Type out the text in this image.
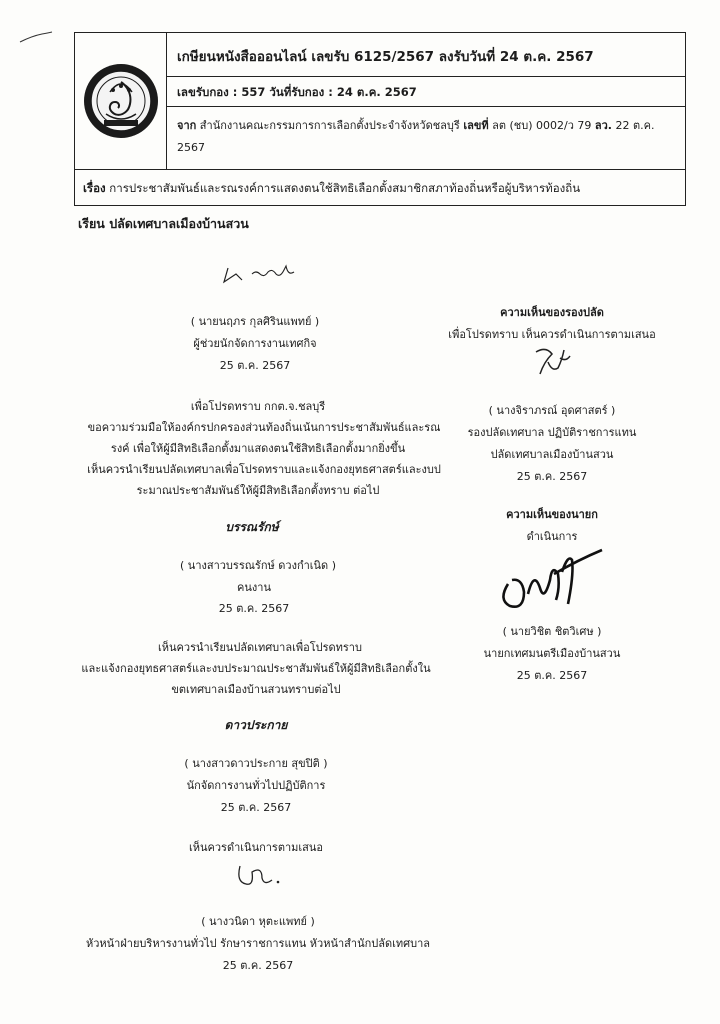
เกษียนหนังสือออนไลน์ เลขรับ 6125/2567 ลงรับวันที่ 24 ต.ค. 2567
เลขรับกอง : 557 วันที่รับกอง : 24 ต.ค. 2567
จาก สำนักงานคณะกรรมการการเลือกตั้งประจำจังหวัดชลบุรี เลขที่ ลต (ชบ) 0002/ว 79 ลว. 22 ต.ค.
2567
เรื่อง การประชาสัมพันธ์และรณรงค์การแสดงตนใช้สิทธิเลือกตั้งสมาชิกสภาท้องถิ่นหรือผู้บริหารท้องถิ่น
เรียน ปลัดเทศบาลเมืองบ้านสวน
( นายนฤภร กุลศิรินแพทย์ )
ผู้ช่วยนักจัดการงานเทศกิจ
25 ต.ค. 2567
เพื่อโปรดทราบ กกต.จ.ชลบุรี
ขอความร่วมมือให้องค์กรปกครองส่วนท้องถิ่นเน้นการประชาสัมพันธ์และรณ
รงค์ เพื่อให้ผู้มีสิทธิเลือกตั้งมาแสดงตนใช้สิทธิเลือกตั้งมากยิ่งขึ้น
เห็นควรนำเรียนปลัดเทศบาลเพื่อโปรดทราบและแจ้งกองยุทธศาสตร์และงบป
ระมาณประชาสัมพันธ์ให้ผู้มีสิทธิเลือกตั้งทราบ ต่อไป
บรรณรักษ์
( นางสาวบรรณรักษ์ ดวงกำเนิด )
คนงาน
25 ต.ค. 2567
เห็นควรนำเรียนปลัดเทศบาลเพื่อโปรดทราบ
และแจ้งกองยุทธศาสตร์และงบประมาณประชาสัมพันธ์ให้ผู้มีสิทธิเลือกตั้งใน
ขตเทศบาลเมืองบ้านสวนทราบต่อไป
ดาวประกาย
( นางสาวดาวประกาย สุขปิติ )
นักจัดการงานทั่วไปปฏิบัติการ
25 ต.ค. 2567
เห็นควรดำเนินการตามเสนอ
( นางวนิดา หุตะแพทย์ )
หัวหน้าฝ่ายบริหารงานทั่วไป รักษาราชการแทน หัวหน้าสำนักปลัดเทศบาล
25 ต.ค. 2567
ความเห็นของรองปลัด
เพื่อโปรดทราบ เห็นควรดำเนินการตามเสนอ
( นางจิราภรณ์ อุดศาสตร์ )
รองปลัดเทศบาล ปฏิบัติราชการแทน
ปลัดเทศบาลเมืองบ้านสวน
25 ต.ค. 2567
ความเห็นของนายก
ดำเนินการ
( นายวิชิต ชิตวิเศษ )
นายกเทศมนตรีเมืองบ้านสวน
25 ต.ค. 2567
